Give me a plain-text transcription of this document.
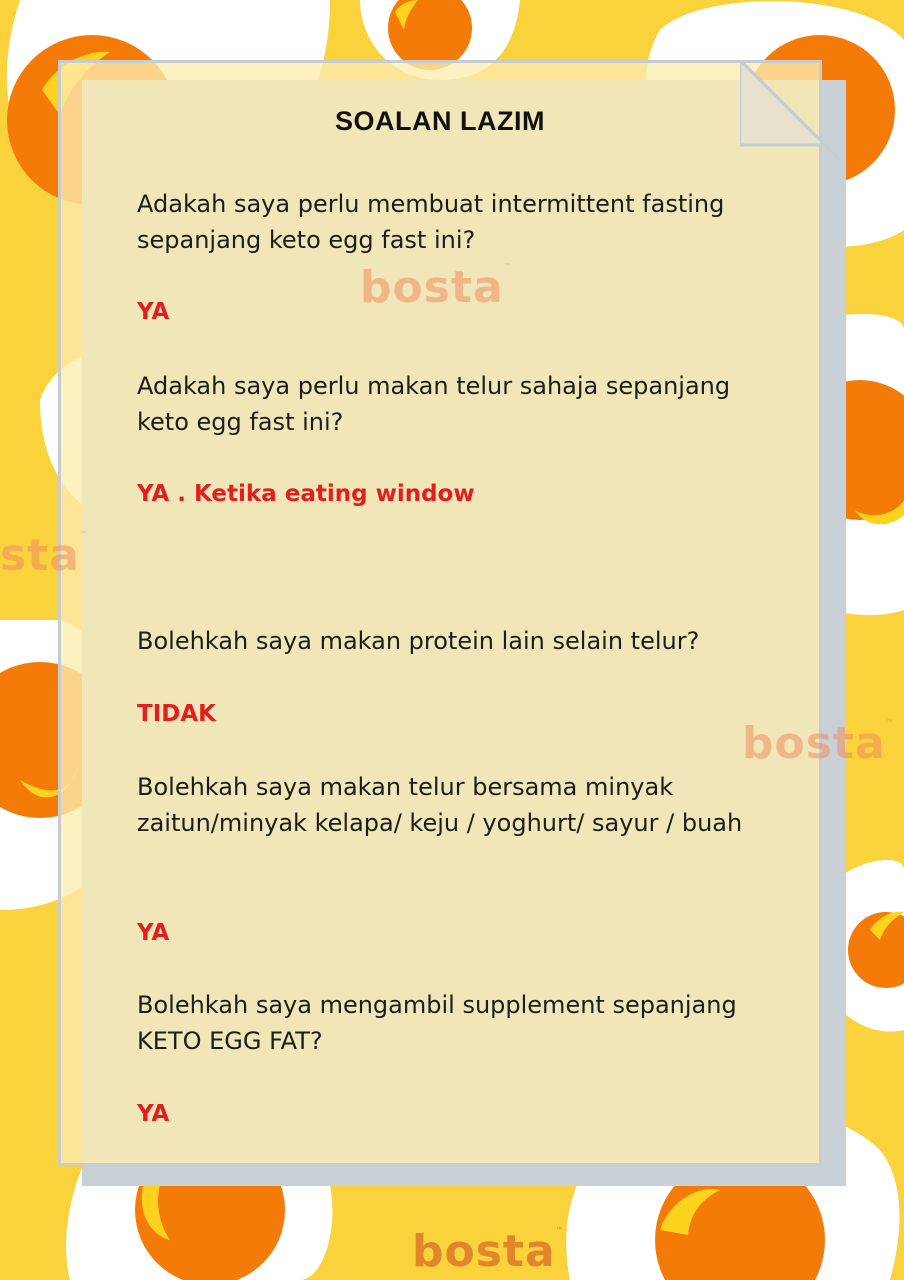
SOALAN LAZIM

Adakah saya perlu membuat intermittent fasting sepanjang keto egg fast ini?

YA

Adakah saya perlu makan telur sahaja sepanjang keto egg fast ini?

YA . Ketika eating window

Bolehkah saya makan protein lain selain telur?

TIDAK

Bolehkah saya makan telur bersama minyak zaitun/minyak kelapa/ keju / yoghurt/ sayur / buah

YA

Bolehkah saya mengambil supplement sepanjang KETO EGG FAT?

YA

bosta™
sta™
bosta™
bosta™
